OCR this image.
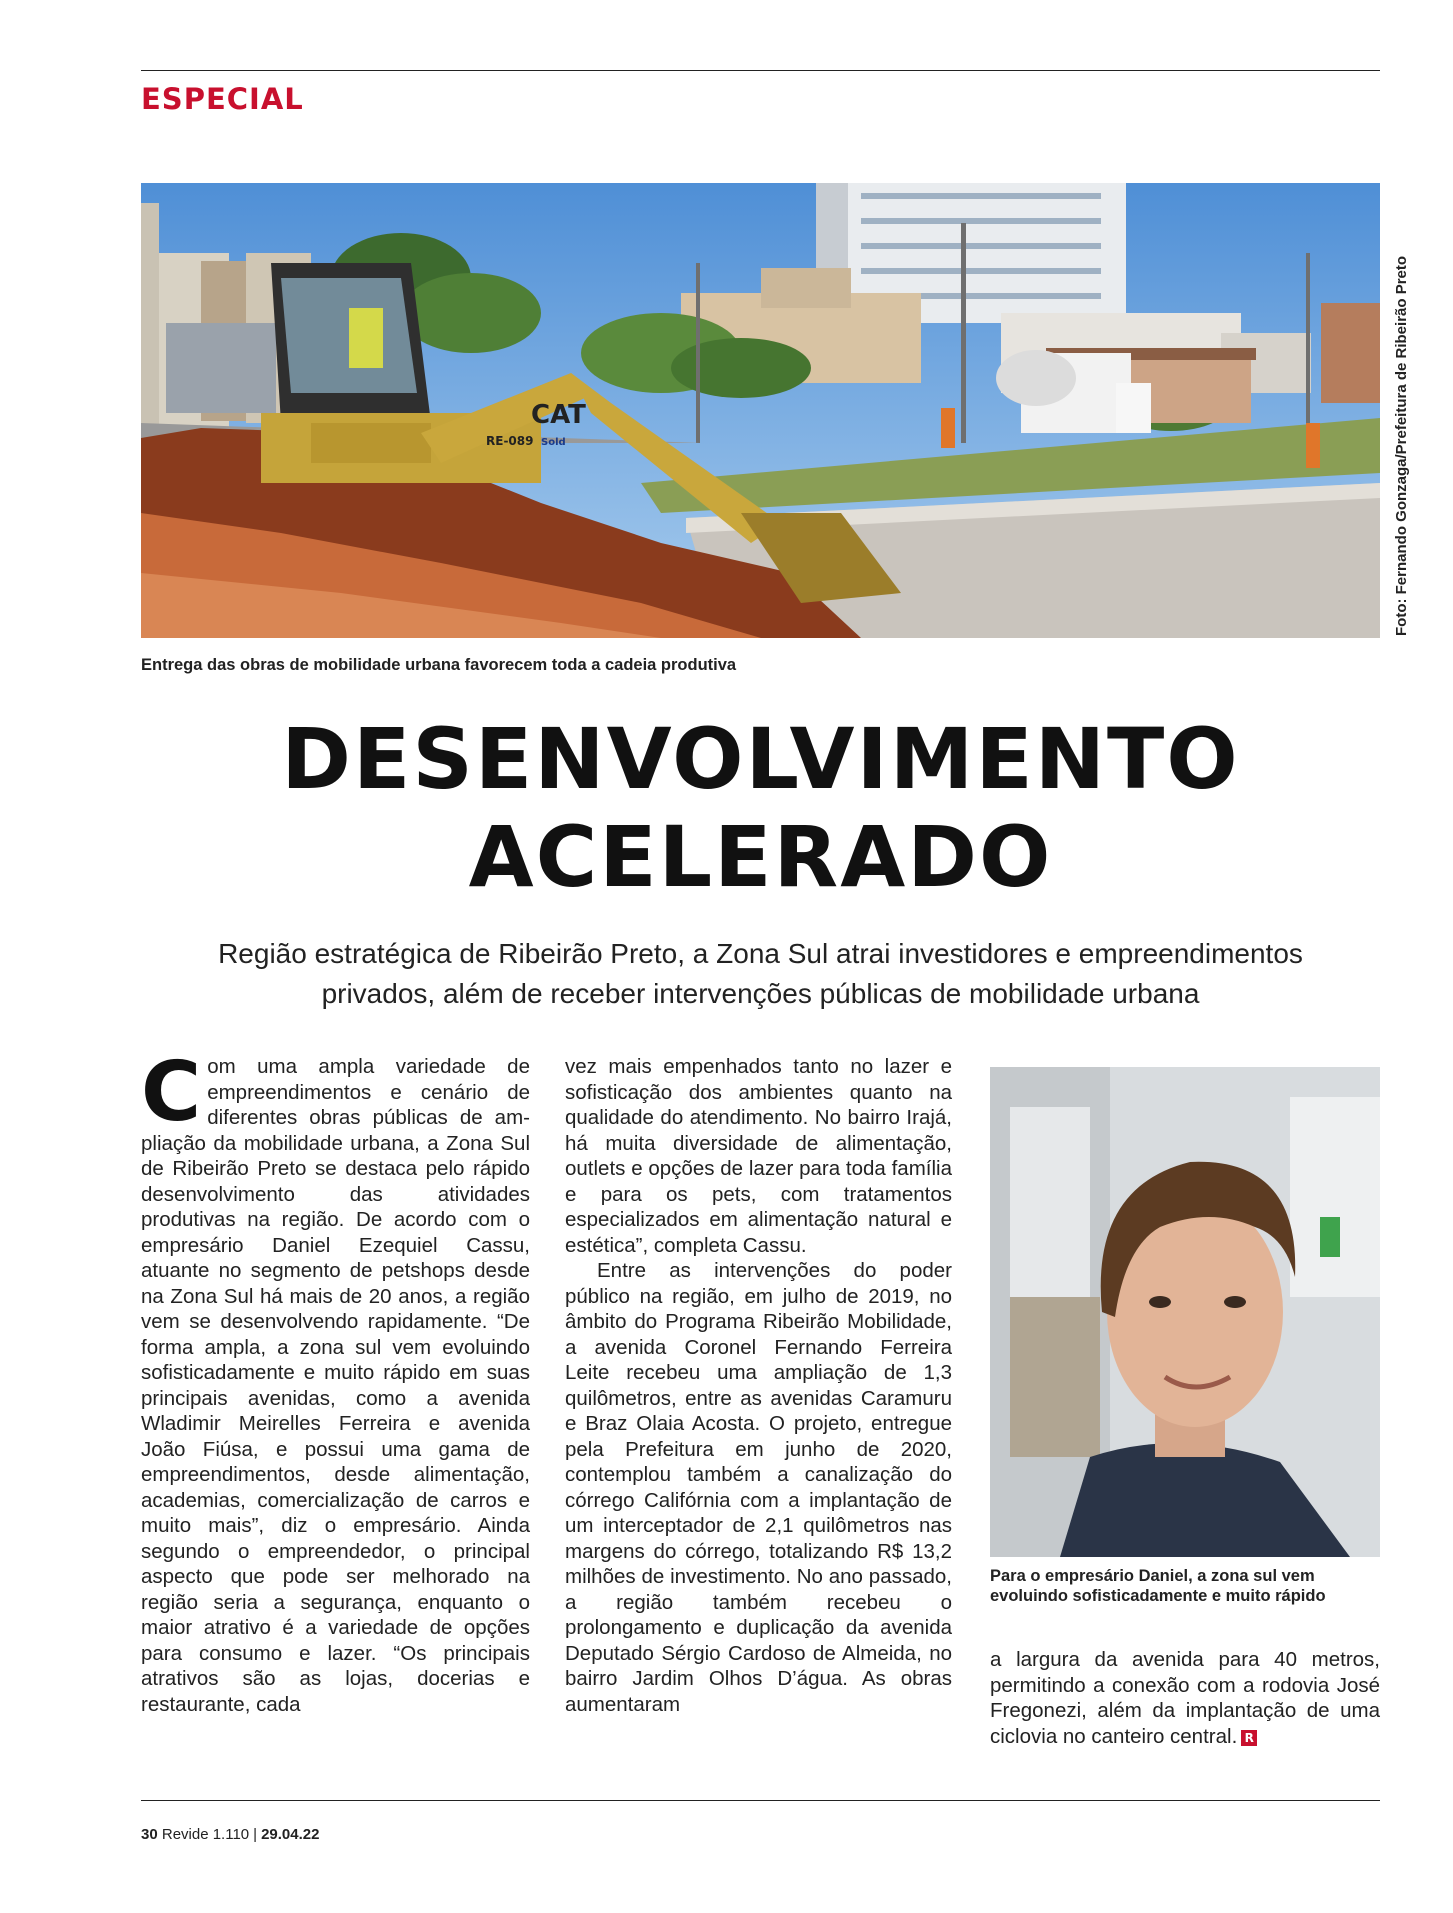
ESPECIAL
CAT
RE-089 Sold	Foto: Fernando Gonzaga/Prefeitura de Ribeirão Preto
Entrega das obras de mobilidade urbana favorecem toda a cadeia produtiva
DESENVOLVIMENTO
ACELERADO
Região estratégica de Ribeirão Preto, a Zona Sul atrai investidores e empreendimentos
privados, além de receber intervenções públicas de mobilidade urbana

Com uma ampla variedade de empreendimentos e cenário de diferentes obras públicas de ampliação da mobilidade urbana, a Zona Sul de Ribeirão Preto se destaca pelo rápido desenvolvimento das atividades produtivas na região. De acordo com o empresário Daniel Ezequiel Cassu, atuante no segmento de petshops desde na Zona Sul há mais de 20 anos, a região vem se desenvolvendo rapidamente. “De forma ampla, a zona sul vem evoluindo sofisticadamente e muito rápido em suas principais avenidas, como a avenida Wladimir Meirelles Ferreira e avenida João Fiúsa, e possui uma gama de empreendimentos, desde alimentação, academias, comercialização de carros e muito mais”, diz o empresário. Ainda segundo o empreendedor, o principal aspecto que pode ser melhorado na região seria a segurança, enquanto o maior atrativo é a variedade de opções para consumo e lazer. “Os principais atrativos são as lojas, docerias e restaurante, cada

vez mais empenhados tanto no lazer e sofisticação dos ambientes quanto na qualidade do atendimento. No bairro Irajá, há muita diversidade de alimentação, outlets e opções de lazer para toda família e para os pets, com tratamentos especializados em alimentação natural e estética”, completa Cassu.

Entre as intervenções do poder público na região, em julho de 2019, no âmbito do Programa Ribeirão Mobilidade, a avenida Coronel Fernando Ferreira Leite recebeu uma ampliação de 1,3 quilômetros, entre as avenidas Caramuru e Braz Olaia Acosta. O projeto, entregue pela Prefeitura em junho de 2020, contemplou também a canalização do córrego Califórnia com a implantação de um interceptador de 2,1 quilômetros nas margens do córrego, totalizando R$ 13,2 milhões de investimento. No ano passado, a região também recebeu o prolongamento e duplicação da avenida Deputado Sérgio Cardoso de Almeida, no bairro Jardim Olhos D’água. As obras aumentaram

Para o empresário Daniel, a zona sul vem evoluindo sofisticadamente e muito rápido

a largura da avenida para 40 metros, permitindo a conexão com a rodovia José Fregonezi, além da implantação de uma ciclovia no canteiro central. R

30 Revide 1.110 | 29.04.22
